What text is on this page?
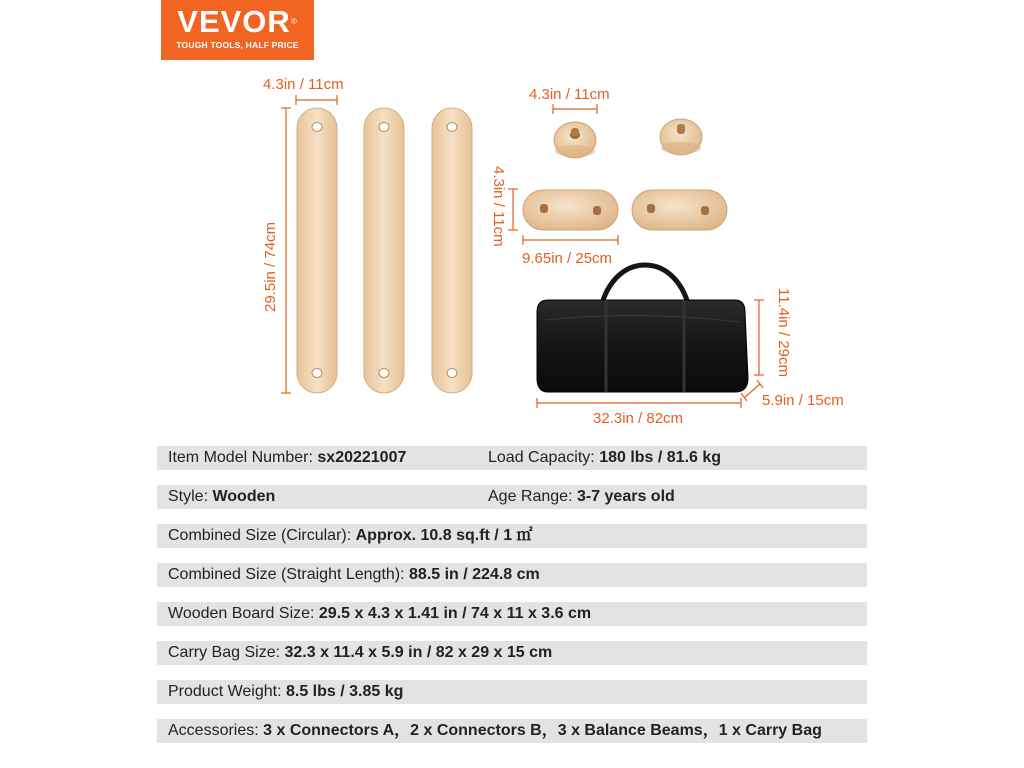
VEVOR®
TOUGH TOOLS, HALF PRICE
4.3in / 11cm
29.5in / 74cm
4.3in / 11cm
4.3in / 11cm
9.65in / 25cm
11.4in / 29cm
32.3in / 82cm
5.9in / 15cm
Item Model Number: sx20221007	Load Capacity: 180 lbs / 81.6 kg
Style: Wooden	Age Range: 3-7 years old
Combined Size (Circular): Approx. 10.8 sq.ft / 1 ㎡
Combined Size (Straight Length): 88.5 in / 224.8 cm
Wooden Board Size: 29.5 x 4.3 x 1.41 in / 74 x 11 x 3.6 cm
Carry Bag Size: 32.3 x 11.4 x 5.9 in / 82 x 29 x 15 cm
Product Weight: 8.5 lbs / 3.85 kg
Accessories: 3 x Connectors A，2 x Connectors B，3 x Balance Beams，1 x Carry Bag
